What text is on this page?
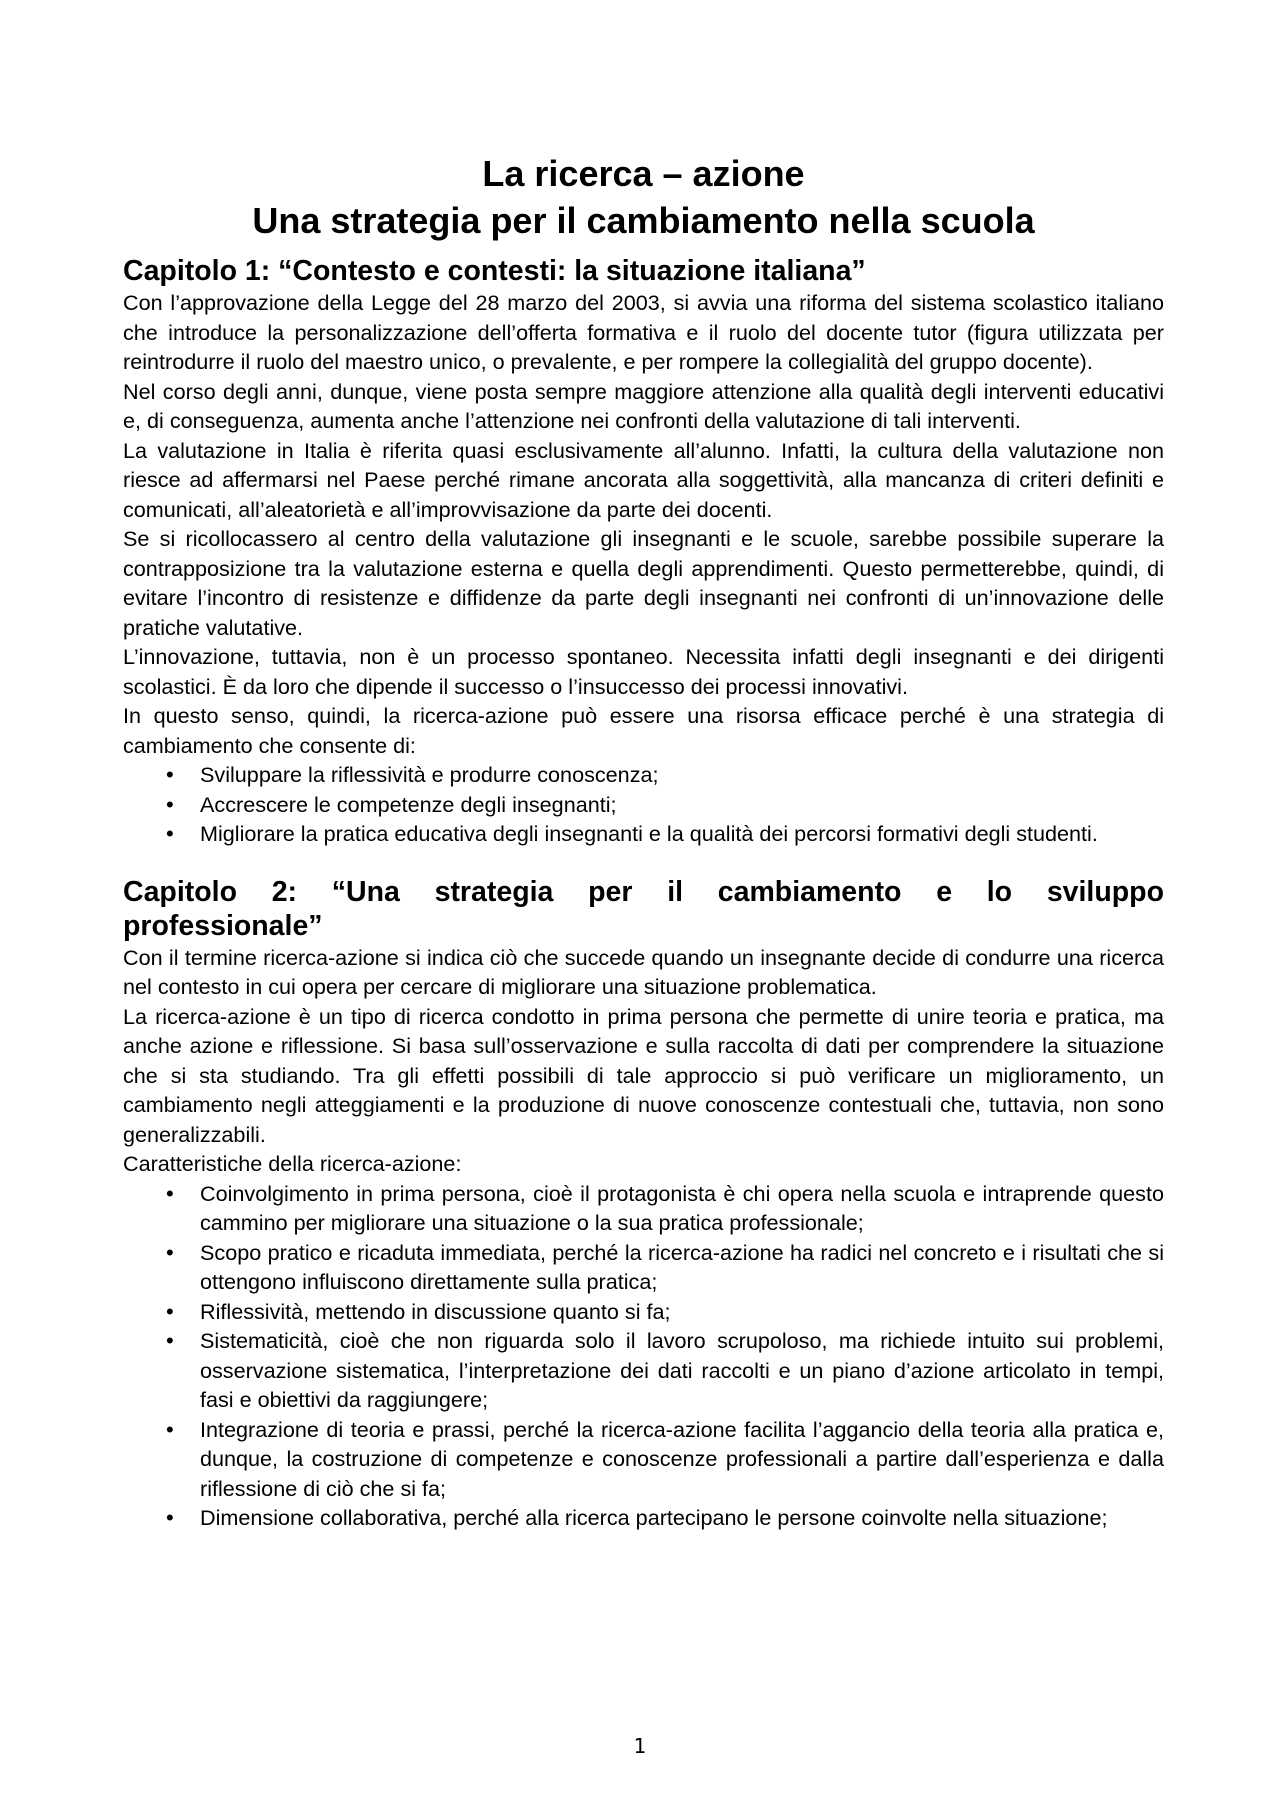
La ricerca – azione
Una strategia per il cambiamento nella scuola
Capitolo 1: “Contesto e contesti: la situazione italiana”

Con l’approvazione della Legge del 28 marzo del 2003, si avvia una riforma del sistema scolastico italiano che introduce la personalizzazione dell’offerta formativa e il ruolo del docente tutor (figura utilizzata per reintrodurre il ruolo del maestro unico, o prevalente, e per rompere la collegialità del gruppo docente).

Nel corso degli anni, dunque, viene posta sempre maggiore attenzione alla qualità degli interventi educativi e, di conseguenza, aumenta anche l’attenzione nei confronti della valutazione di tali interventi.

La valutazione in Italia è riferita quasi esclusivamente all’alunno. Infatti, la cultura della valutazione non riesce ad affermarsi nel Paese perché rimane ancorata alla soggettività, alla mancanza di criteri definiti e comunicati, all’aleatorietà e all’improvvisazione da parte dei docenti.

Se si ricollocassero al centro della valutazione gli insegnanti e le scuole, sarebbe possibile superare la contrapposizione tra la valutazione esterna e quella degli apprendimenti. Questo permetterebbe, quindi, di evitare l’incontro di resistenze e diffidenze da parte degli insegnanti nei confronti di un’innovazione delle pratiche valutative.

L’innovazione, tuttavia, non è un processo spontaneo. Necessita infatti degli insegnanti e dei dirigenti scolastici. È da loro che dipende il successo o l’insuccesso dei processi innovativi.

In questo senso, quindi, la ricerca-azione può essere una risorsa efficace perché è una strategia di cambiamento che consente di:

• Sviluppare la riflessività e produrre conoscenza;
• Accrescere le competenze degli insegnanti;
• Migliorare la pratica educativa degli insegnanti e la qualità dei percorsi formativi degli studenti.
Capitolo 2: “Una strategia per il cambiamento e lo sviluppo
professionale”

Con il termine ricerca-azione si indica ciò che succede quando un insegnante decide di condurre una ricerca nel contesto in cui opera per cercare di migliorare una situazione problematica.

La ricerca-azione è un tipo di ricerca condotto in prima persona che permette di unire teoria e pratica, ma anche azione e riflessione. Si basa sull’osservazione e sulla raccolta di dati per comprendere la situazione che si sta studiando. Tra gli effetti possibili di tale approccio si può verificare un miglioramento, un cambiamento negli atteggiamenti e la produzione di nuove conoscenze contestuali che, tuttavia, non sono generalizzabili.

Caratteristiche della ricerca-azione:

• Coinvolgimento in prima persona, cioè il protagonista è chi opera nella scuola e intraprende questo cammino per migliorare una situazione o la sua pratica professionale;
• Scopo pratico e ricaduta immediata, perché la ricerca-azione ha radici nel concreto e i risultati che si ottengono influiscono direttamente sulla pratica;
• Riflessività, mettendo in discussione quanto si fa;
• Sistematicità, cioè che non riguarda solo il lavoro scrupoloso, ma richiede intuito sui problemi, osservazione sistematica, l’interpretazione dei dati raccolti e un piano d’azione articolato in tempi, fasi e obiettivi da raggiungere;
• Integrazione di teoria e prassi, perché la ricerca-azione facilita l’aggancio della teoria alla pratica e, dunque, la costruzione di competenze e conoscenze professionali a partire dall’esperienza e dalla riflessione di ciò che si fa;
• Dimensione collaborativa, perché alla ricerca partecipano le persone coinvolte nella situazione;
1
